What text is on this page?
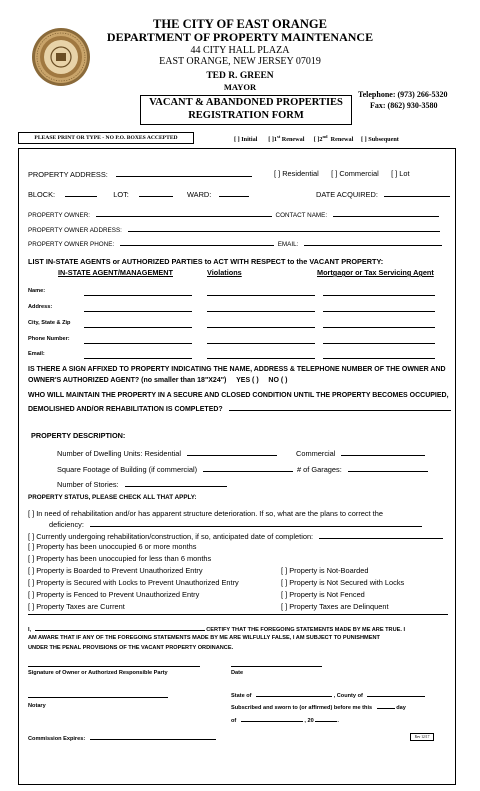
THE CITY OF EAST ORANGE
DEPARTMENT OF PROPERTY MAINTENANCE
44 CITY HALL PLAZA
EAST ORANGE, NEW JERSEY 07019
TED R. GREEN
MAYOR
Telephone: (973) 266-5320
Fax: (862) 930-3580
VACANT & ABANDONED PROPERTIES
REGISTRATION FORM
PLEASE PRINT OR TYPE - NO P.O. BOXES ACCEPTED	[ ] Initial [ ]1st Renewal [ ]2nd Renewal [ ] Subsequent
PROPERTY ADDRESS:	[ ] Residential [ ] Commercial [ ] Lot
BLOCK:	LOT:	WARD:	DATE ACQUIRED:
PROPERTY OWNER:	CONTACT NAME:
PROPERTY OWNER ADDRESS:
PROPERTY OWNER PHONE:	EMAIL:
LIST IN-STATE AGENTS or AUTHORIZED PARTIES to ACT WITH RESPECT to the VACANT PROPERTY:
IN-STATE AGENT/MANAGEMENT	Violations	Mortgagor or Tax Servicing Agent
Name:
Address:
City, State & Zip
Phone Number:
Email:
IS THERE A SIGN AFFIXED TO PROPERTY INDICATING THE NAME, ADDRESS & TELEPHONE NUMBER OF THE OWNER AND
OWNER'S AUTHORIZED AGENT? (no smaller than 18"X24") YES ( ) NO ( )
WHO WILL MAINTAIN THE PROPERTY IN A SECURE AND CLOSED CONDITION UNTIL THE PROPERTY BECOMES OCCUPIED,
DEMOLISHED AND/OR REHABILITATION IS COMPLETED?
PROPERTY DESCRIPTION:
Number of Dwelling Units: Residential	Commercial
Square Footage of Building (if commercial)	# of Garages:
Number of Stories:
PROPERTY STATUS, PLEASE CHECK ALL THAT APPLY:
[ ] In need of rehabilitation and/or has apparent structure deterioration. If so, what are the plans to correct the
deficiency:
[ ] Currently undergoing rehabilitation/construction, if so, anticipated date of completion:
[ ] Property has been unoccupied 6 or more months
[ ] Property has been unoccupied for less than 6 months
[ ] Property is Boarded to Prevent Unauthorized Entry
[ ] Property is Secured with Locks to Prevent Unauthorized Entry
[ ] Property is Fenced to Prevent Unauthorized Entry
[ ] Property Taxes are Current
[ ] Property is Not-Boarded
[ ] Property is Not Secured with Locks
[ ] Property is Not Fenced
[ ] Property Taxes are Delinquent
I,	CERTIFY THAT THE FOREGOING STATEMENTS MADE BY ME ARE TRUE. I
AM AWARE THAT IF ANY OF THE FOREGOING STATEMENTS MADE BY ME ARE WILFULLY FALSE, I AM SUBJECT TO PUNISHMENT
UNDER THE PENAL PROVISIONS OF THE VACANT PROPERTY ORDINANCE.
Signature of Owner or Authorized Responsible Party	Date
State of	, County of
Notary	Subscribed and sworn to (or affirmed) before me this	day
of	, 20	.
Commission Expires:	Rev 12/17
